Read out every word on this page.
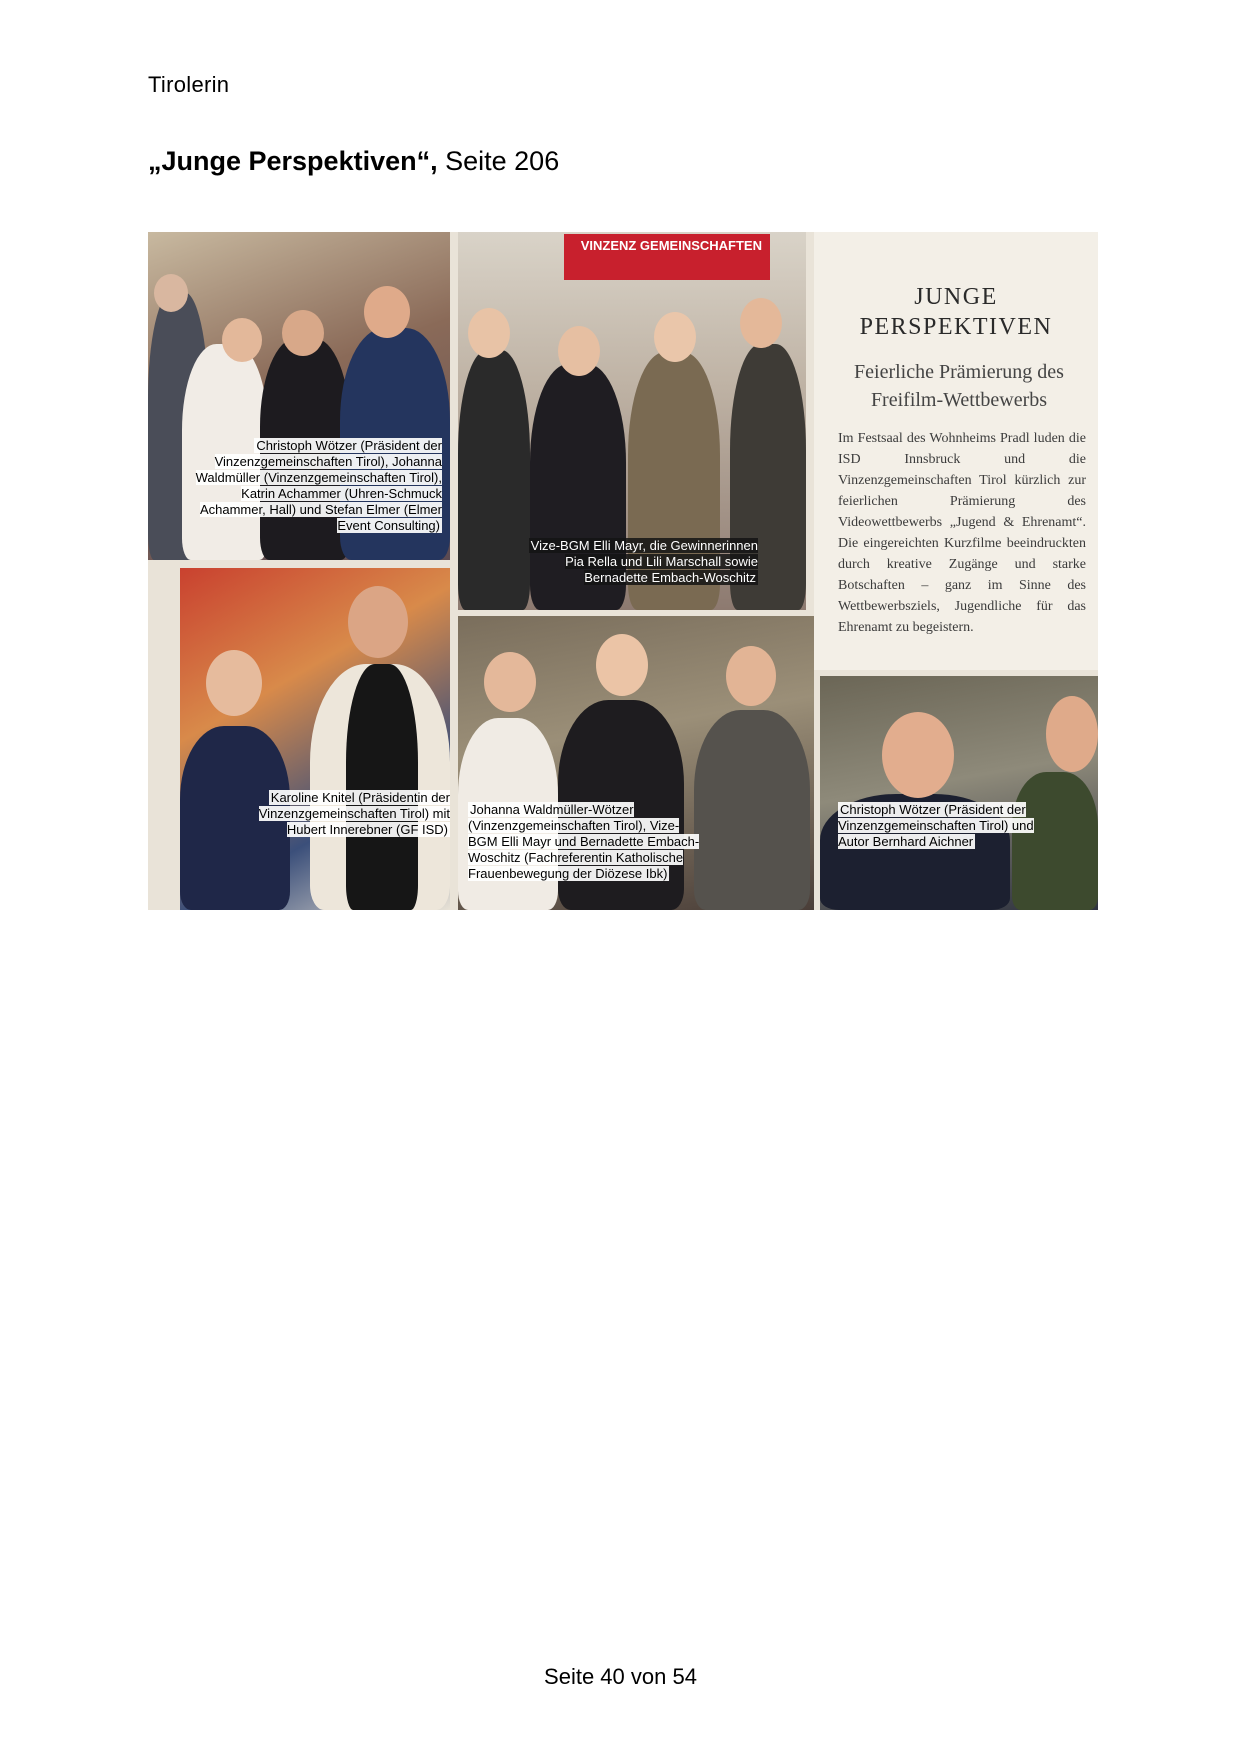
Tirolerin
„Junge Perspektiven“, Seite 206
Christoph Wötzer (Präsident der Vinzenzgemeinschaften Tirol), Johanna Waldmüller (Vinzenzgemeinschaften Tirol), Katrin Achammer (Uhren-Schmuck Achammer, Hall) und Stefan Elmer (Elmer Event Consulting)
VINZENZ GEMEINSCHAFTEN
Vize-BGM Elli Mayr, die Gewinnerinnen Pia Rella und Lili Marschall sowie Bernadette Embach-Woschitz
JUNGE
PERSPEKTIVEN
Feierliche Prämierung des Freifilm-Wettbewerbs
Im Festsaal des Wohnheims Pradl luden die ISD Innsbruck und die Vinzenzgemeinschaften Tirol kürzlich zur feierlichen Prämierung des Videowettbewerbs „Jugend & Ehrenamt“. Die eingereichten Kurzfilme beeindruckten durch kreative Zugänge und starke Botschaften – ganz im Sinne des Wettbewerbsziels, Jugendliche für das Ehrenamt zu begeistern.
Karoline Knitel (Präsidentin der Vinzenzgemeinschaften Tirol) mit Hubert Innerebner (GF ISD)
Johanna Waldmüller-Wötzer (Vinzenzgemeinschaften Tirol), Vize-BGM Elli Mayr und Bernadette Embach-Woschitz (Fachreferentin Katholische Frauenbewegung der Diözese Ibk)
Christoph Wötzer (Präsident der Vinzenzgemeinschaften Tirol) und Autor Bernhard Aichner
Seite 40 von 54
